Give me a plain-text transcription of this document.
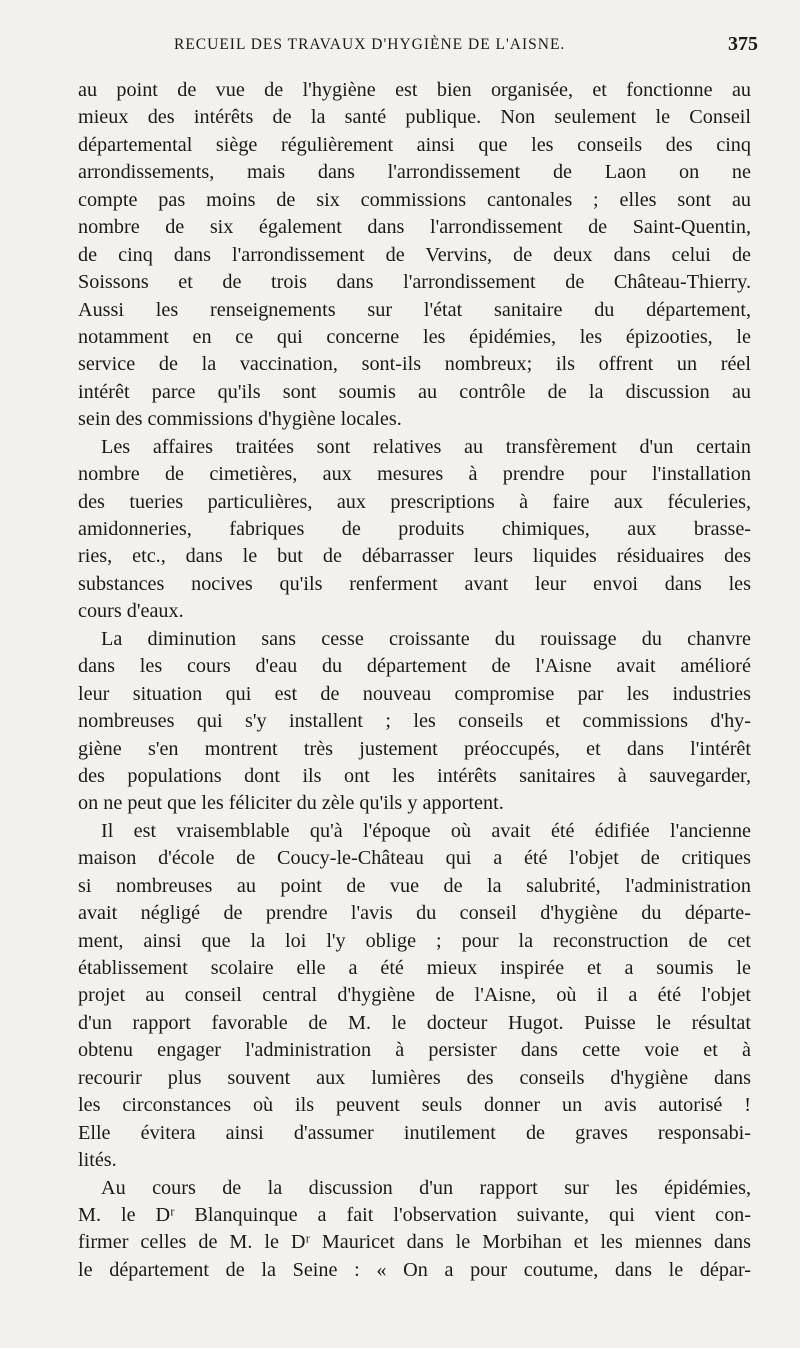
RECUEIL DES TRAVAUX D'HYGIÈNE DE L'AISNE.	375
au point de vue de l'hygiène est bien organisée, et fonctionne au
mieux des intérêts de la santé publique. Non seulement le Conseil
départemental siège régulièrement ainsi que les conseils des cinq
arrondissements, mais dans l'arrondissement de Laon on ne
compte pas moins de six commissions cantonales ; elles sont au
nombre de six également dans l'arrondissement de Saint-Quentin,
de cinq dans l'arrondissement de Vervins, de deux dans celui de
Soissons et de trois dans l'arrondissement de Château-Thierry.
Aussi les renseignements sur l'état sanitaire du département,
notamment en ce qui concerne les épidémies, les épizooties, le
service de la vaccination, sont-ils nombreux; ils offrent un réel
intérêt parce qu'ils sont soumis au contrôle de la discussion au
sein des commissions d'hygiène locales.
Les affaires traitées sont relatives au transfèrement d'un certain
nombre de cimetières, aux mesures à prendre pour l'installation
des tueries particulières, aux prescriptions à faire aux féculeries,
amidonneries, fabriques de produits chimiques, aux brasse-
ries, etc., dans le but de débarrasser leurs liquides résiduaires des
substances nocives qu'ils renferment avant leur envoi dans les
cours d'eaux.
La diminution sans cesse croissante du rouissage du chanvre
dans les cours d'eau du département de l'Aisne avait amélioré
leur situation qui est de nouveau compromise par les industries
nombreuses qui s'y installent ; les conseils et commissions d'hy-
giène s'en montrent très justement préoccupés, et dans l'intérêt
des populations dont ils ont les intérêts sanitaires à sauvegarder,
on ne peut que les féliciter du zèle qu'ils y apportent.
Il est vraisemblable qu'à l'époque où avait été édifiée l'ancienne
maison d'école de Coucy-le-Château qui a été l'objet de critiques
si nombreuses au point de vue de la salubrité, l'administration
avait négligé de prendre l'avis du conseil d'hygiène du départe-
ment, ainsi que la loi l'y oblige ; pour la reconstruction de cet
établissement scolaire elle a été mieux inspirée et a soumis le
projet au conseil central d'hygiène de l'Aisne, où il a été l'objet
d'un rapport favorable de M. le docteur Hugot. Puisse le résultat
obtenu engager l'administration à persister dans cette voie et à
recourir plus souvent aux lumières des conseils d'hygiène dans
les circonstances où ils peuvent seuls donner un avis autorisé !
Elle évitera ainsi d'assumer inutilement de graves responsabi-
lités.
Au cours de la discussion d'un rapport sur les épidémies,
M. le Dʳ Blanquinque a fait l'observation suivante, qui vient con-
firmer celles de M. le Dʳ Mauricet dans le Morbihan et les miennes dans
le département de la Seine : « On a pour coutume, dans le dépar-
